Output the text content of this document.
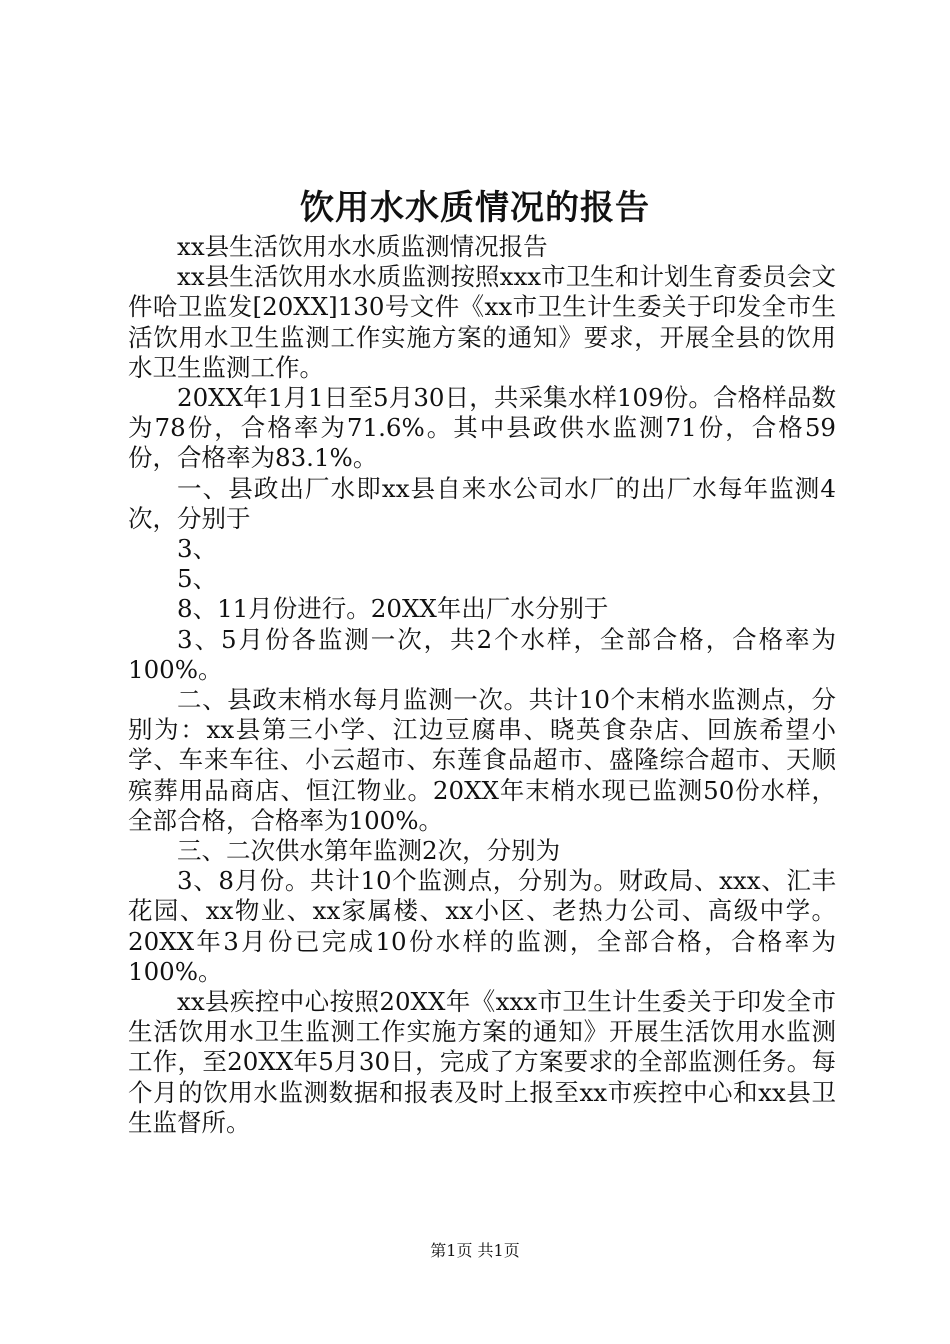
饮用水水质情况的报告

xx县生活饮用水水质监测情况报告

xx县生活饮用水水质监测按照xxx市卫生和计划生育委员会文件哈卫监发[20XX]130号文件《xx市卫生计生委关于印发全市生活饮用水卫生监测工作实施方案的通知》要求，开展全县的饮用水卫生监测工作。

20XX年1月1日至5月30日，共采集水样109份。合格样品数为78份，合格率为71.6%。其中县政供水监测71份，合格59份，合格率为83.1%。

一、县政出厂水即xx县自来水公司水厂的出厂水每年监测4次，分别于

3、

5、

8、11月份进行。20XX年出厂水分别于

3、5月份各监测一次，共2个水样，全部合格，合格率为100%。

二、县政末梢水每月监测一次。共计10个末梢水监测点，分别为：xx县第三小学、江边豆腐串、晓英食杂店、回族希望小学、车来车往、小云超市、东莲食品超市、盛隆综合超市、天顺殡葬用品商店、恒江物业。20XX年末梢水现已监测50份水样，全部合格，合格率为100%。

三、二次供水第年监测2次，分别为

3、8月份。共计10个监测点，分别为。财政局、xxx、汇丰花园、xx物业、xx家属楼、xx小区、老热力公司、高级中学。20XX年3月份已完成10份水样的监测，全部合格，合格率为100%。

xx县疾控中心按照20XX年《xxx市卫生计生委关于印发全市生活饮用水卫生监测工作实施方案的通知》开展生活饮用水监测工作，至20XX年5月30日，完成了方案要求的全部监测任务。每个月的饮用水监测数据和报表及时上报至xx市疾控中心和xx县卫生监督所。

第1页 共1页
